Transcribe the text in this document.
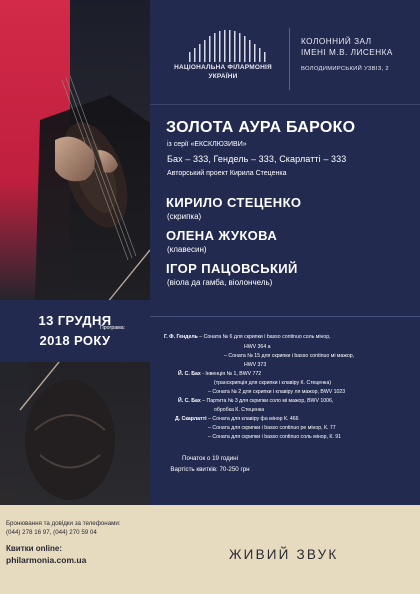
НАЦІОНАЛЬНА ФІЛАРМОНІЯ
УКРАЇНИ
КОЛОННИЙ ЗАЛ
ІМЕНІ М.В. ЛИСЕНКА
ВОЛОДИМИРСЬКИЙ УЗВІЗ, 2
ЗОЛОТА АУРА БАРОКО
із серії «ЕКСКЛЮЗИВИ»
Бах – 333, Гендель – 333, Скарлатті – 333
Авторський проект Кирила Стеценка
КИРИЛО СТЕЦЕНКО
(скрипка)
ОЛЕНА ЖУКОВА
(клавесин)
ІГОР ПАЦОВСЬКИЙ
(віола да гамба, віолончель)
13 ГРУДНЯ
2018 РОКУ
Програма:
Г. Ф. Гендель – Соната № 6 для скрипки і basso continuo соль мінор,
HWV 364 a
– Соната № 15 для скрипки і basso continuo мі мажор,
HWV 373
Й. С. Бах - Інвенція № 1, BWV 772
(транскрипція для скрипки і клавіру К. Стеценка)
– Соната № 2 для скрипки і клавіру ля мажор, BWV 1023
Й. С. Бах – Партита № 3 для скрипки соло мі мажор, BWV 1006,
обробка К. Стеценка
Д. Скарлатті – Соната для клавіру фа мінор К. 466
– Соната для скрипки і basso continuo ре мінор, К. 77
– Соната для скрипки і basso continuo соль мінор, К. 91
Початок о 19 годині
Вартість квитків: 70-250 грн
Бронювання та довідки за телефонами:
(044) 278 16 97, (044) 270 59 04
Квитки online:
philarmonia.com.ua	ЖИВИЙ ЗВУК
